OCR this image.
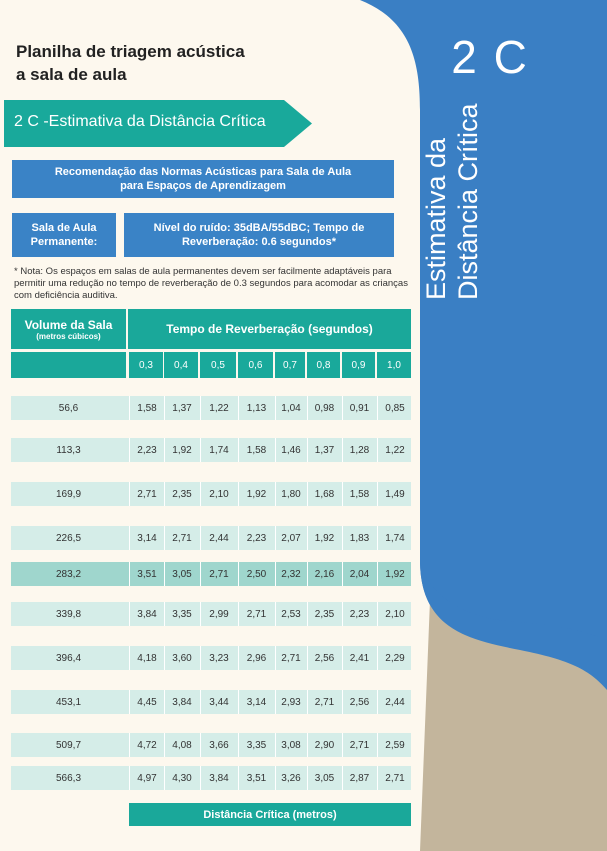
2 C
Estimativa da Distância Crítica
Planilha de triagem acústica
a sala de aula
2 C -Estimativa da Distância Crítica
Recomendação das Normas Acústicas para Sala de Aula para Espaços de Aprendizagem
Sala de Aula Permanente:
Nível do ruído: 35dBA/55dBC; Tempo de Reverberação: 0.6 segundos*
* Nota: Os espaços em salas de aula permanentes devem ser facilmente adaptáveis para permitir uma redução no tempo de reverberação de 0.3 segundos para acomodar as crianças com deficiência auditiva.
Volume da Sala
(metros cúbicos)	Tempo de Reverberação (segundos)
0,3	0,4	0,5	0,6	0,7	0,8	0,9	1,0
56,6	1,58	1,37	1,22	1,13	1,04	0,98	0,91	0,85
113,3	2,23	1,92	1,74	1,58	1,46	1,37	1,28	1,22
169,9	2,71	2,35	2,10	1,92	1,80	1,68	1,58	1,49
226,5	3,14	2,71	2,44	2,23	2,07	1,92	1,83	1,74
283,2	3,51	3,05	2,71	2,50	2,32	2,16	2,04	1,92
339,8	3,84	3,35	2,99	2,71	2,53	2,35	2,23	2,10
396,4	4,18	3,60	3,23	2,96	2,71	2,56	2,41	2,29
453,1	4,45	3,84	3,44	3,14	2,93	2,71	2,56	2,44
509,7	4,72	4,08	3,66	3,35	3,08	2,90	2,71	2,59
566,3	4,97	4,30	3,84	3,51	3,26	3,05	2,87	2,71
Distância Crítica (metros)
